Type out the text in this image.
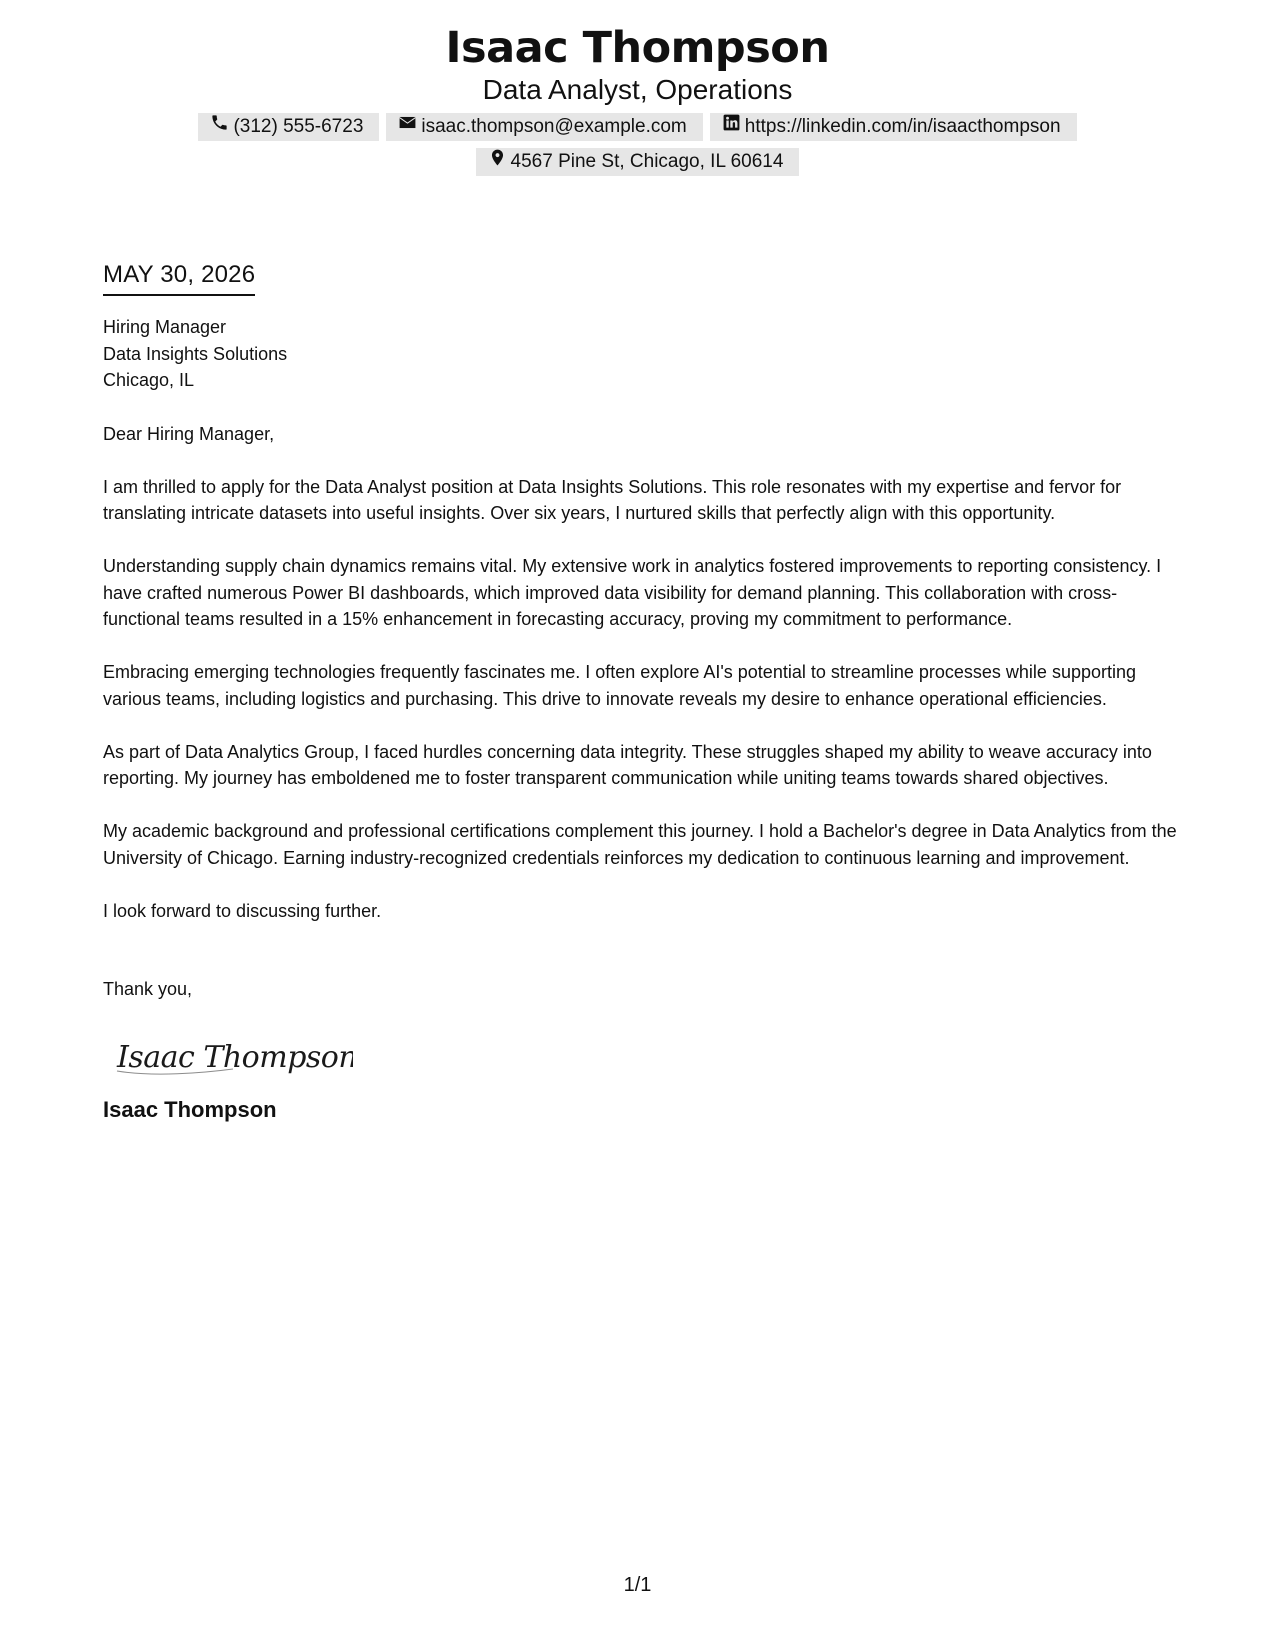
Isaac Thompson
Data Analyst, Operations
(312) 555-6723	isaac.thompson@example.com	https://linkedin.com/in/isaacthompson
4567 Pine St, Chicago, IL 60614
MAY 30, 2026
Hiring Manager
Data Insights Solutions
Chicago, IL

Dear Hiring Manager,

I am thrilled to apply for the Data Analyst position at Data Insights Solutions. This role resonates with my expertise and fervor for translating intricate datasets into useful insights. Over six years, I nurtured skills that perfectly align with this opportunity.

Understanding supply chain dynamics remains vital. My extensive work in analytics fostered improvements to reporting consistency. I have crafted numerous Power BI dashboards, which improved data visibility for demand planning. This collaboration with cross-functional teams resulted in a 15% enhancement in forecasting accuracy, proving my commitment to performance.

Embracing emerging technologies frequently fascinates me. I often explore AI's potential to streamline processes while supporting various teams, including logistics and purchasing. This drive to innovate reveals my desire to enhance operational efficiencies.

As part of Data Analytics Group, I faced hurdles concerning data integrity. These struggles shaped my ability to weave accuracy into reporting. My journey has emboldened me to foster transparent communication while uniting teams towards shared objectives.

My academic background and professional certifications complement this journey. I hold a Bachelor's degree in Data Analytics from the University of Chicago. Earning industry-recognized credentials reinforces my dedication to continuous learning and improvement.

I look forward to discussing further.

Thank you,

Isaac Thompson
Isaac Thompson
1/1
